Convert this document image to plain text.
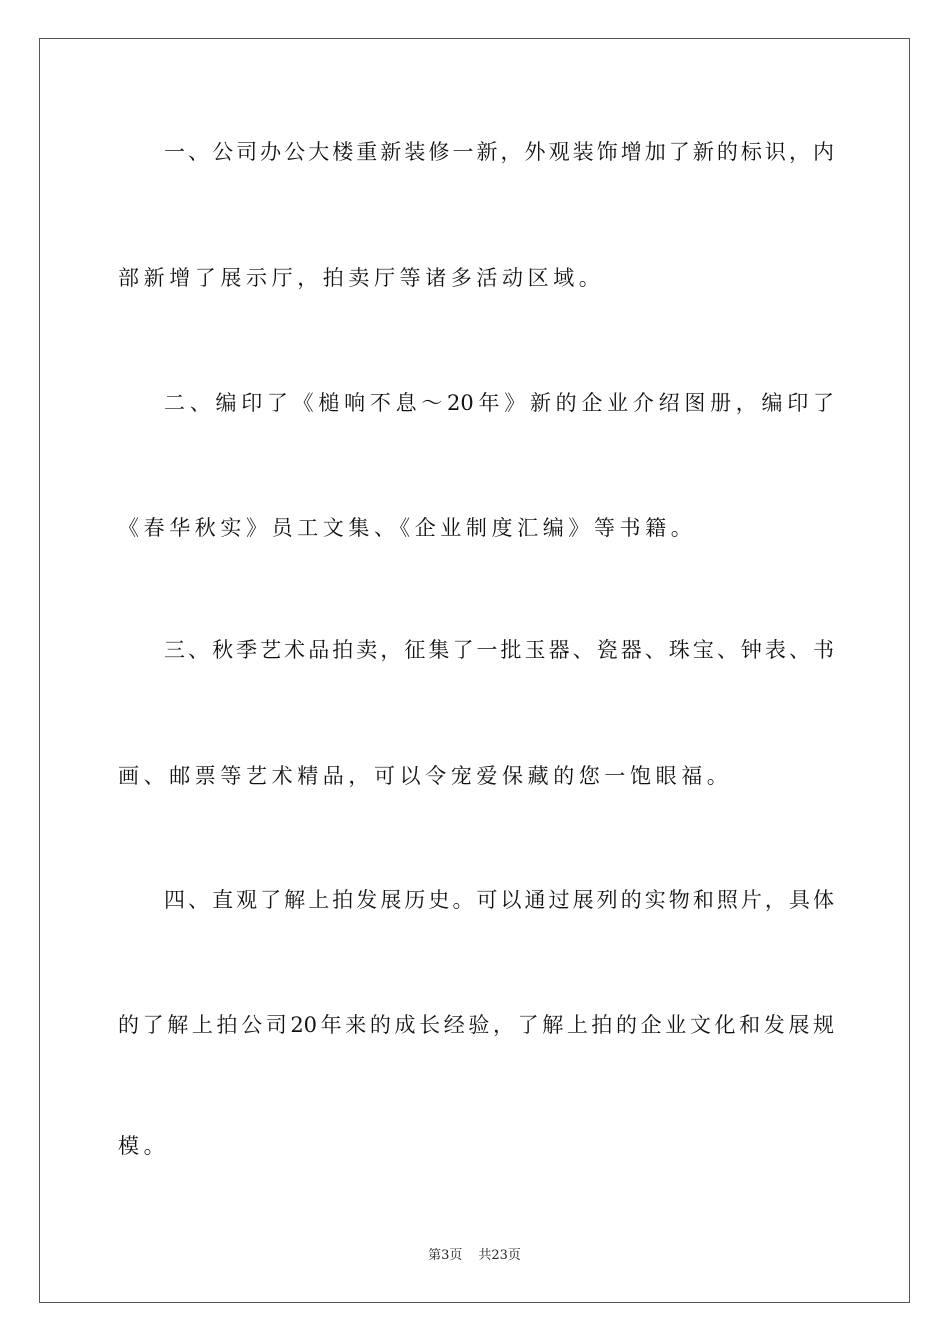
一、公司办公大楼重新装修一新，外观装饰增加了新的标识，内
部新增了展示厅，拍卖厅等诸多活动区域。
二、编印了《槌响不息～20年》新的企业介绍图册，编印了
《春华秋实》员工文集、《企业制度汇编》等书籍。
三、秋季艺术品拍卖，征集了一批玉器、瓷器、珠宝、钟表、书
画、邮票等艺术精品，可以令宠爱保藏的您一饱眼福。
四、直观了解上拍发展历史。可以通过展列的实物和照片，具体
的了解上拍公司20年来的成长经验，了解上拍的企业文化和发展规
模。
第3页 共23页
